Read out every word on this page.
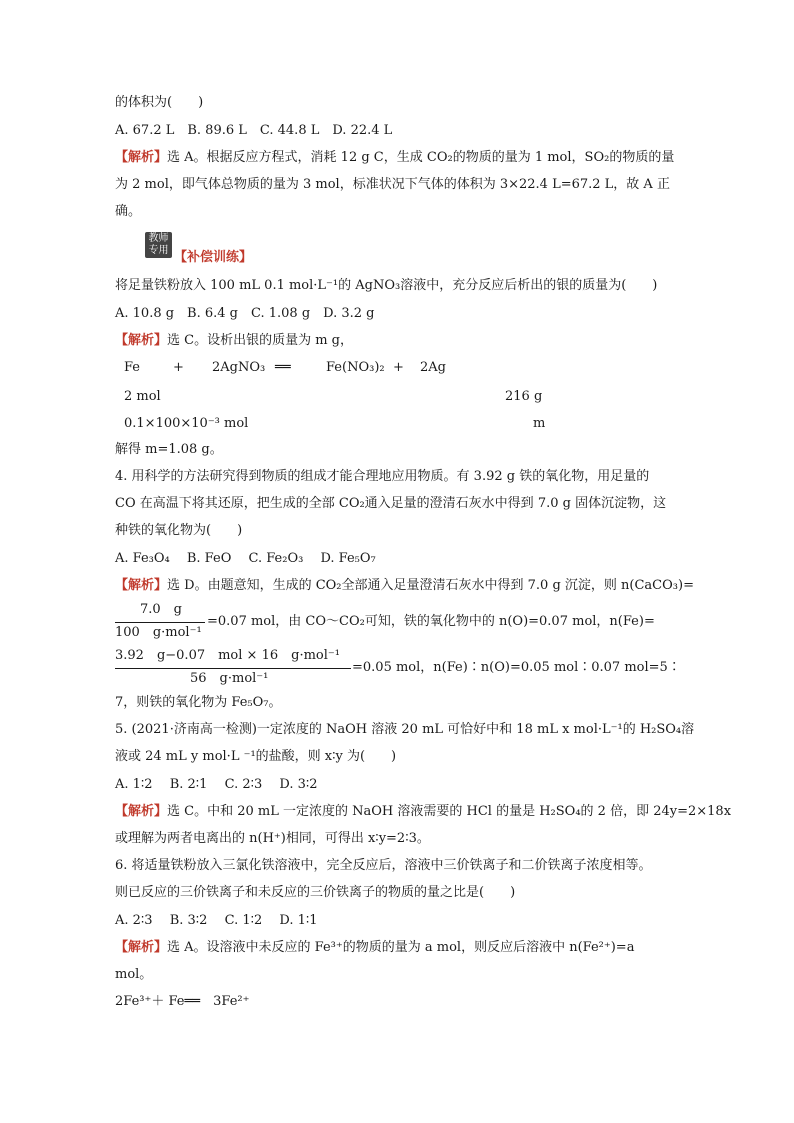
的体积为(　　)
A. 67.2 L　B. 89.6 L　C. 44.8 L　D. 22.4 L
【解析】选 A。根据反应方程式，消耗 12 g C，生成 CO₂的物质的量为 1 mol，SO₂的物质的量
为 2 mol，即气体总物质的量为 3 mol，标准状况下气体的体积为 3×22.4 L=67.2 L，故 A 正
确。
教师
专用 【补偿训练】
将足量铁粉放入 100 mL 0.1 mol·L⁻¹的 AgNO₃溶液中，充分反应后析出的银的质量为(　　)
A. 10.8 g　B. 6.4 g　C. 1.08 g　D. 3.2 g
【解析】选 C。设析出银的质量为 m g，
Fe	+ 2AgNO₃ ══	Fe(NO₃)₂ + 2Ag
2 mol	216 g
0.1×100×10⁻³ mol	m
解得 m=1.08 g。
4. 用科学的方法研究得到物质的组成才能合理地应用物质。有 3.92 g 铁的氧化物，用足量的
CO 在高温下将其还原，把生成的全部 CO₂通入足量的澄清石灰水中得到 7.0 g 固体沉淀物，这
种铁的氧化物为(　　)
A. Fe₃O₄　 B. FeO　 C. Fe₂O₃　 D. Fe₅O₇
【解析】选 D。由题意知，生成的 CO₂全部通入足量澄清石灰水中得到 7.0 g 沉淀，则 n(CaCO₃)=
7.0　g
100　g·mol⁻¹
=0.07 mol，由 CO～CO₂可知，铁的氧化物中的 n(O)=0.07 mol，n(Fe)=
3.92　g−0.07　mol × 16　g·mol⁻¹
56　g·mol⁻¹
=0.05 mol，n(Fe)∶n(O)=0.05 mol∶0.07 mol=5∶
7，则铁的氧化物为 Fe₅O₇。
5. (2021·济南高一检测)一定浓度的 NaOH 溶液 20 mL 可恰好中和 18 mL x mol·L⁻¹的 H₂SO₄溶
液或 24 mL y mol·L ⁻¹的盐酸，则 x∶y 为(　　)
A. 1∶2　 B. 2∶1　 C. 2∶3　 D. 3∶2
【解析】选 C。中和 20 mL 一定浓度的 NaOH 溶液需要的 HCl 的量是 H₂SO₄的 2 倍，即 24y=2×18x
或理解为两者电离出的 n(H⁺)相同，可得出 x∶y=2∶3。
6. 将适量铁粉放入三氯化铁溶液中，完全反应后，溶液中三价铁离子和二价铁离子浓度相等。
则已反应的三价铁离子和未反应的三价铁离子的物质的量之比是(　　)
A. 2∶3　 B. 3∶2　 C. 1∶2　 D. 1∶1
【解析】选 A。设溶液中未反应的 Fe³⁺的物质的量为 a mol，则反应后溶液中 n(Fe²⁺)=a
mol。
2Fe³⁺＋ Fe══　3Fe²⁺
